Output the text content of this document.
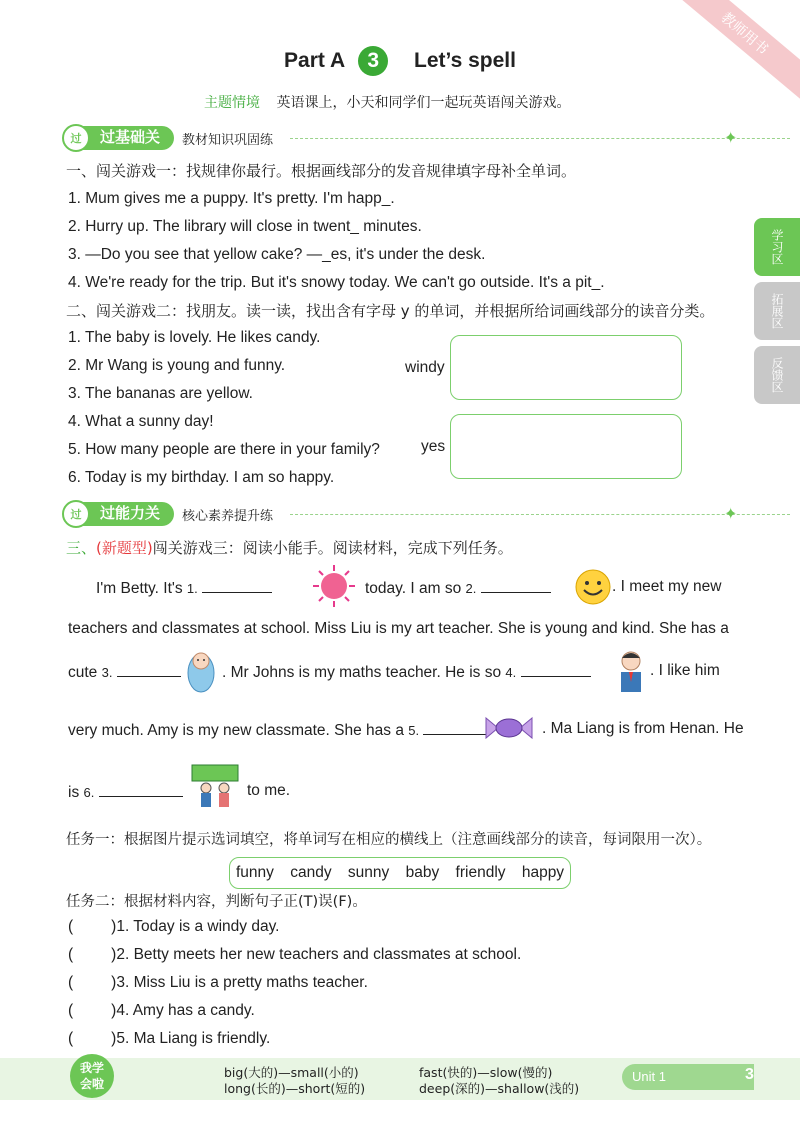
教师用书
Part A 3 Let’s spell
主题情境 英语课上，小天和同学们一起玩英语闯关游戏。
过基础关
过	教材知识巩固练	✦
一、闯关游戏一：找规律你最行。根据画线部分的发音规律填字母补全单词。
1. Mum gives me a puppy. It's pretty. I'm happ_.
2. Hurry up. The library will close in twent_ minutes.
3. —Do you see that yellow cake? —_es, it's under the desk.
4. We're ready for the trip. But it's snowy today. We can't go outside. It's a pit_.
二、闯关游戏二：找朋友。读一读，找出含有字母 y 的单词，并根据所给词画线部分的读音分类。
1. The baby is lovely. He likes candy.
2. Mr Wang is young and funny.
3. The bananas are yellow.
4. What a sunny day!
5. How many people are there in your family?
6. Today is my birthday. I am so happy.
windy
yes
过能力关
过	核心素养提升练	✦
三、(新题型)闯关游戏三：阅读小能手。阅读材料，完成下列任务。
I'm Betty. It's 1.	today. I am so 2.	. I meet my new
teachers and classmates at school. Miss Liu is my art teacher. She is young and kind. She has a
cute 3.	. Mr Johns is my maths teacher. He is so 4.	. I like him
very much. Amy is my new classmate. She has a 5.	. Ma Liang is from Henan. He
is 6.	to me.
任务一：根据图片提示选词填空，将单词写在相应的横线上（注意画线部分的读音，每词限用一次）。
funny candy sunny baby friendly happy
任务二：根据材料内容，判断句子正(T)误(F)。
( )1. Today is a windy day.
( )2. Betty meets her new teachers and classmates at school.
( )3. Miss Liu is a pretty maths teacher.
( )4. Amy has a candy.
( )5. Ma Liang is friendly.
学习区
拓展区
反馈区
我学
会啦
big(大的)—small(小的)
long(长的)—short(短的)
fast(快的)—slow(慢的)
deep(深的)—shallow(浅的)
Unit 1	3
